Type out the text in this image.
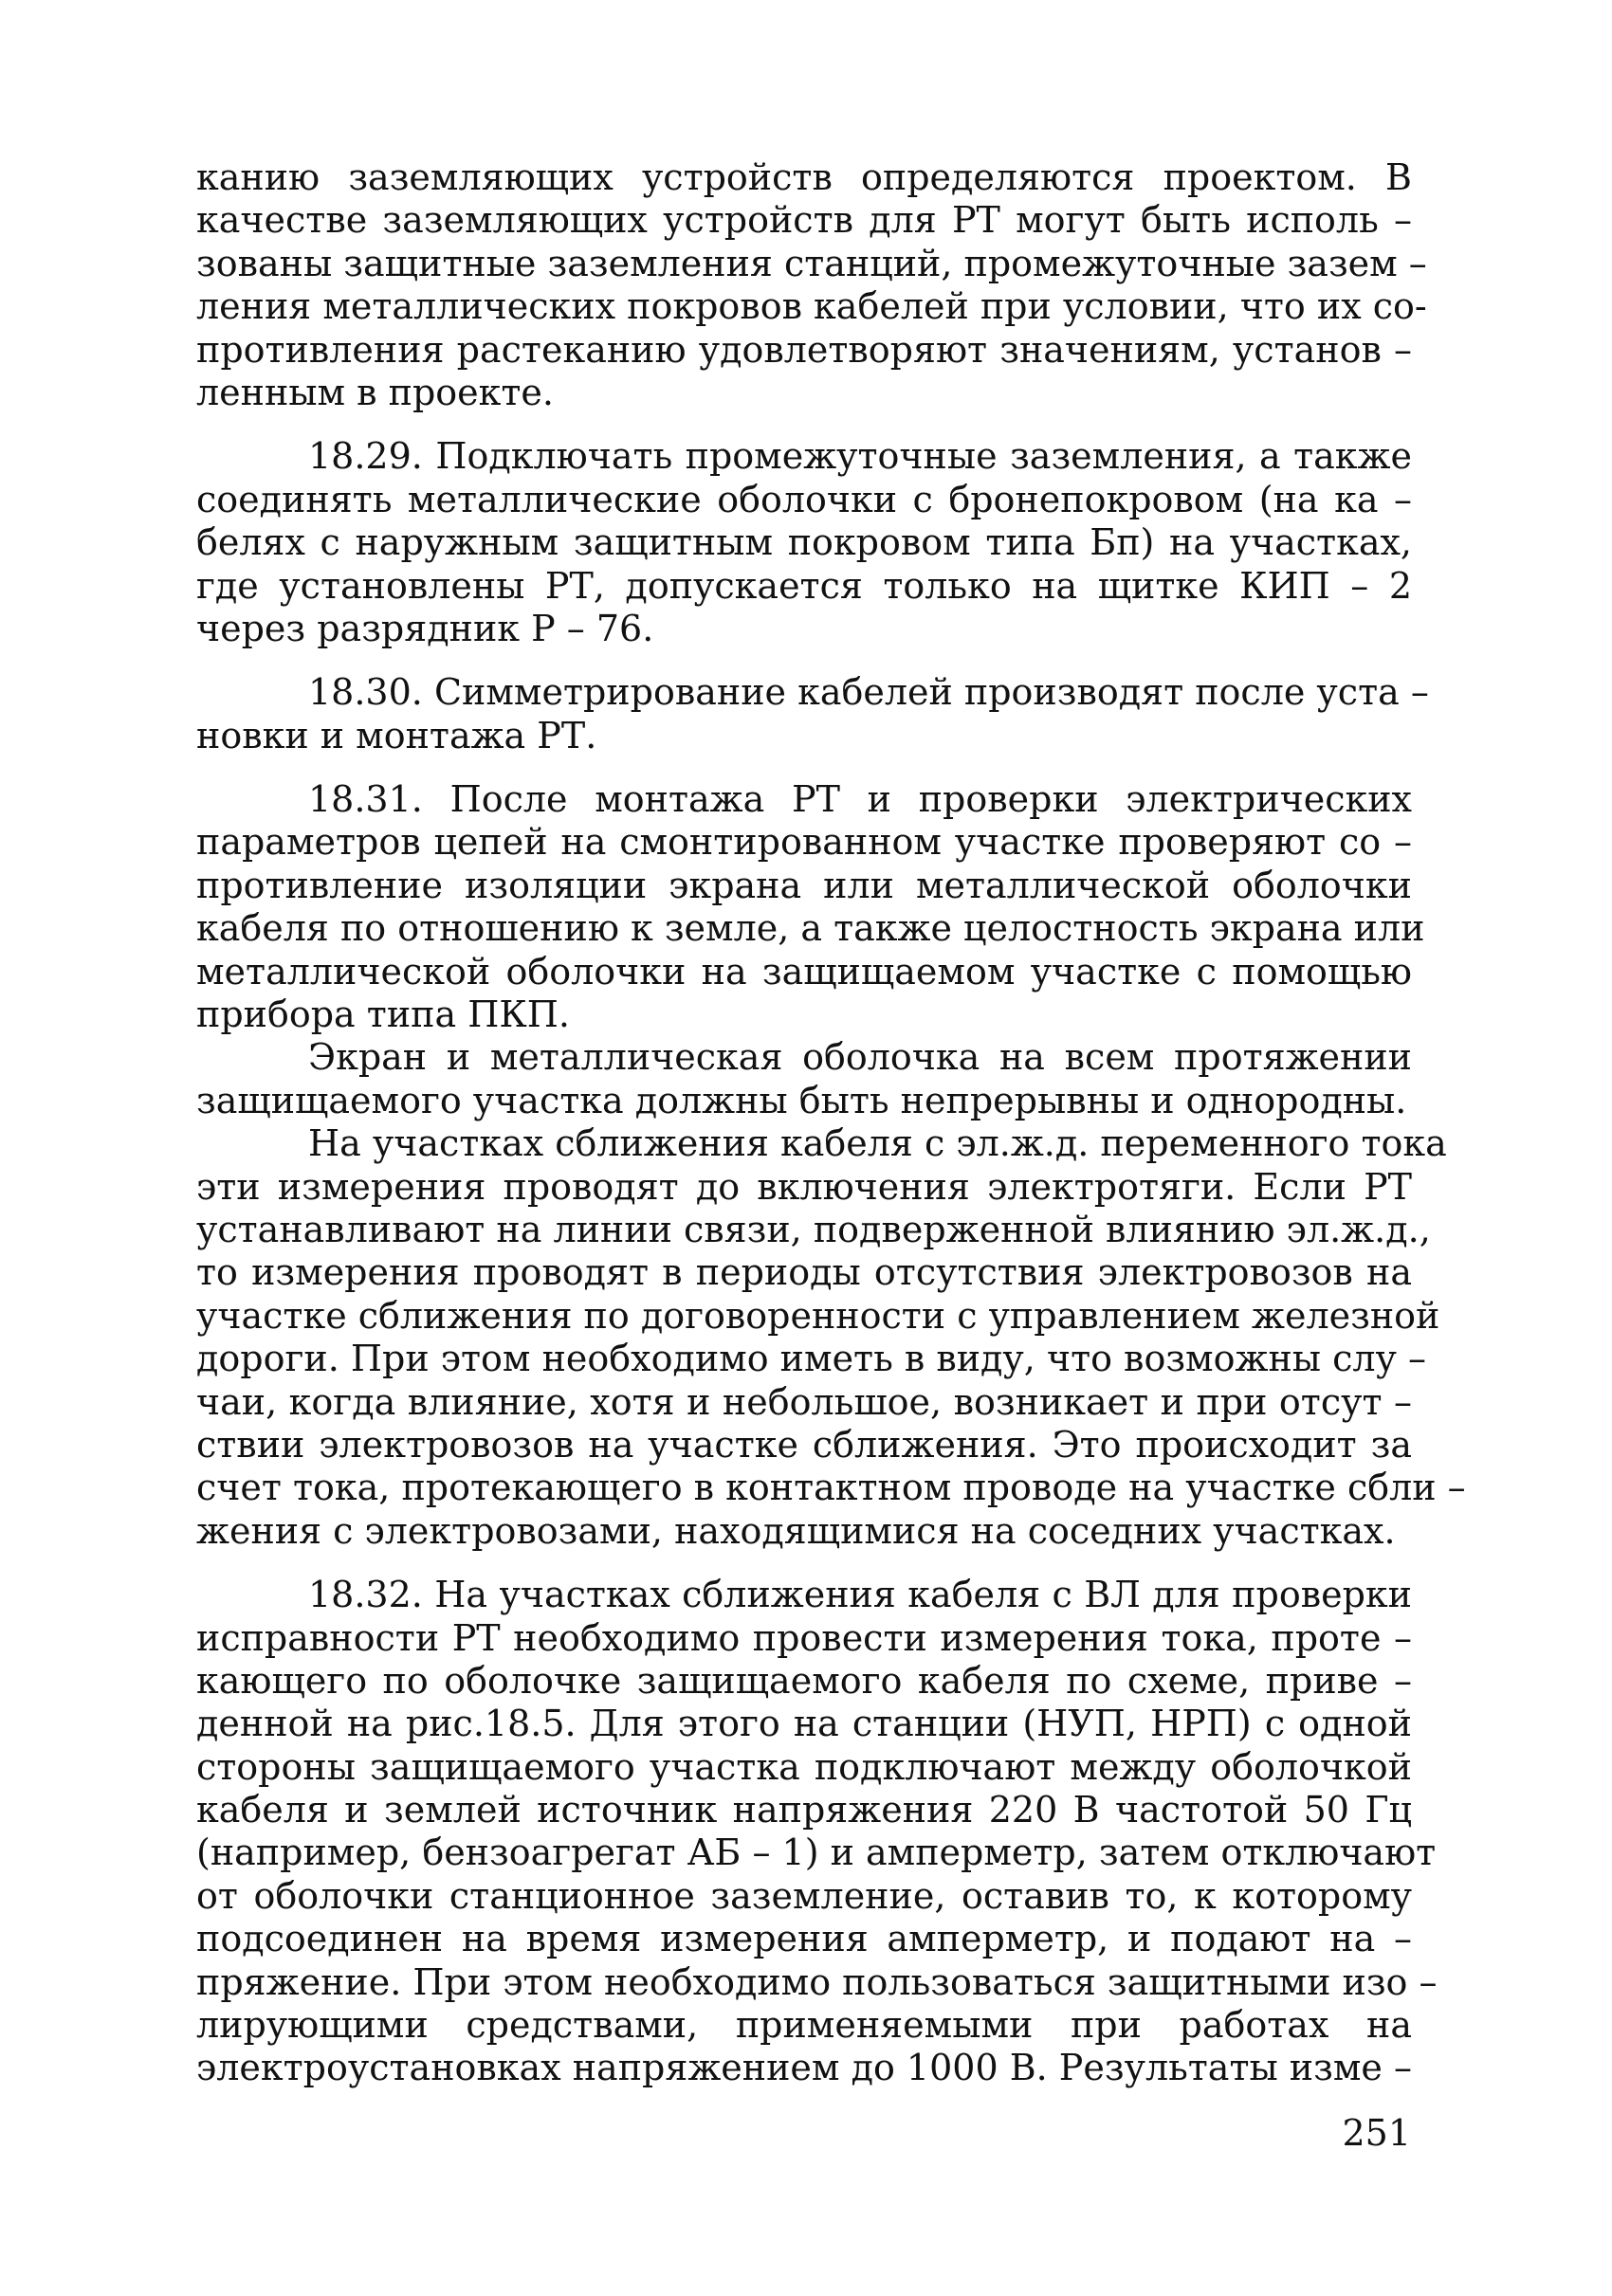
канию заземляющих устройств определяются проектом. В
качестве заземляющих устройств для РТ могут быть исполь –
зованы защитные заземления станций, промежуточные зазем –
ления металлических покровов кабелей при условии, что их со-
противления растеканию удовлетворяют значениям, установ –
ленным в проекте.
18.29. Подключать промежуточные заземления, а также
соединять металлические оболочки с бронепокровом (на ка –
белях с наружным защитным покровом типа Бп) на участках,
где установлены РТ, допускается только на щитке КИП – 2
через разрядник Р – 76.
18.30. Симметрирование кабелей производят после уста –
новки и монтажа РТ.
18.31. После монтажа РТ и проверки электрических
параметров цепей на смонтированном участке проверяют со –
противление изоляции экрана или металлической оболочки
кабеля по отношению к земле, а также целостность экрана или
металлической оболочки на защищаемом участке с помощью
прибора типа ПКП.
Экран и металлическая оболочка на всем протяжении
защищаемого участка должны быть непрерывны и однородны.
На участках сближения кабеля с эл.ж.д. переменного тока
эти измерения проводят до включения электротяги. Если РТ
устанавливают на линии связи, подверженной влиянию эл.ж.д.,
то измерения проводят в периоды отсутствия электровозов на
участке сближения по договоренности с управлением железной
дороги. При этом необходимо иметь в виду, что возможны слу –
чаи, когда влияние, хотя и небольшое, возникает и при отсут –
ствии электровозов на участке сближения. Это происходит за
счет тока, протекающего в контактном проводе на участке сбли –
жения с электровозами, находящимися на соседних участках.
18.32. На участках сближения кабеля с ВЛ для проверки
исправности РТ необходимо провести измерения тока, проте –
кающего по оболочке защищаемого кабеля по схеме, приве –
денной на рис.18.5. Для этого на станции (НУП, НРП) с одной
стороны защищаемого участка подключают между оболочкой
кабеля и землей источник напряжения 220 В частотой 50 Гц
(например, бензоагрегат АБ – 1) и амперметр, затем отключают
от оболочки станционное заземление, оставив то, к которому
подсоединен на время измерения амперметр, и подают на –
пряжение. При этом необходимо пользоваться защитными изо –
лирующими средствами, применяемыми при работах на
электроустановках напряжением до 1000 В. Результаты изме –
251
